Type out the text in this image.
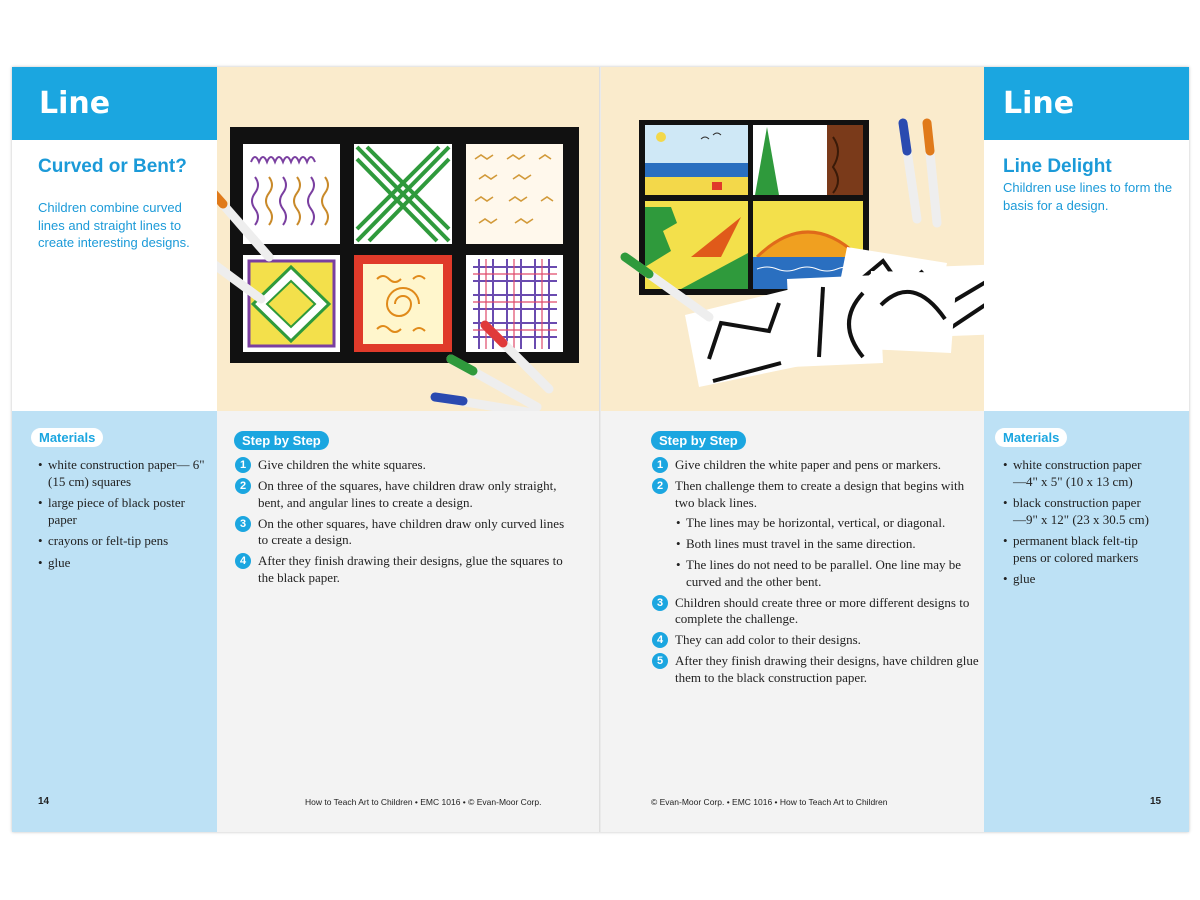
Line
Curved or Bent?
Children combine curved lines and straight lines to create interesting designs.
Materials
• white construction paper— 6" (15 cm) squares
• large piece of black poster paper
• crayons or felt-tip pens
• glue
14
Step by Step
1 Give children the white squares.
2 On three of the squares, have children draw only straight, bent, and angular lines to create a design.
3 On the other squares, have children draw only curved lines to create a design.
4 After they finish drawing their designs, glue the squares to the black paper.
How to Teach Art to Children • EMC 1016 • © Evan-Moor Corp.
Step by Step
1 Give children the white paper and pens or markers.
2 Then challenge them to create a design that begins with two black lines.
• The lines may be horizontal, vertical, or diagonal.
• Both lines must travel in the same direction.
• The lines do not need to be parallel. One line may be curved and the other bent.
3 Children should create three or more different designs to complete the challenge.
4 They can add color to their designs.
5 After they finish drawing their designs, have children glue them to the black construction paper.
© Evan-Moor Corp. • EMC 1016 • How to Teach Art to Children
Line
Line Delight
Children use lines to form the basis for a design.
Materials
• white construction paper—4" x 5" (10 x 13 cm)
• black construction paper—9" x 12" (23 x 30.5 cm)
• permanent black felt-tip pens or colored markers
• glue
15
